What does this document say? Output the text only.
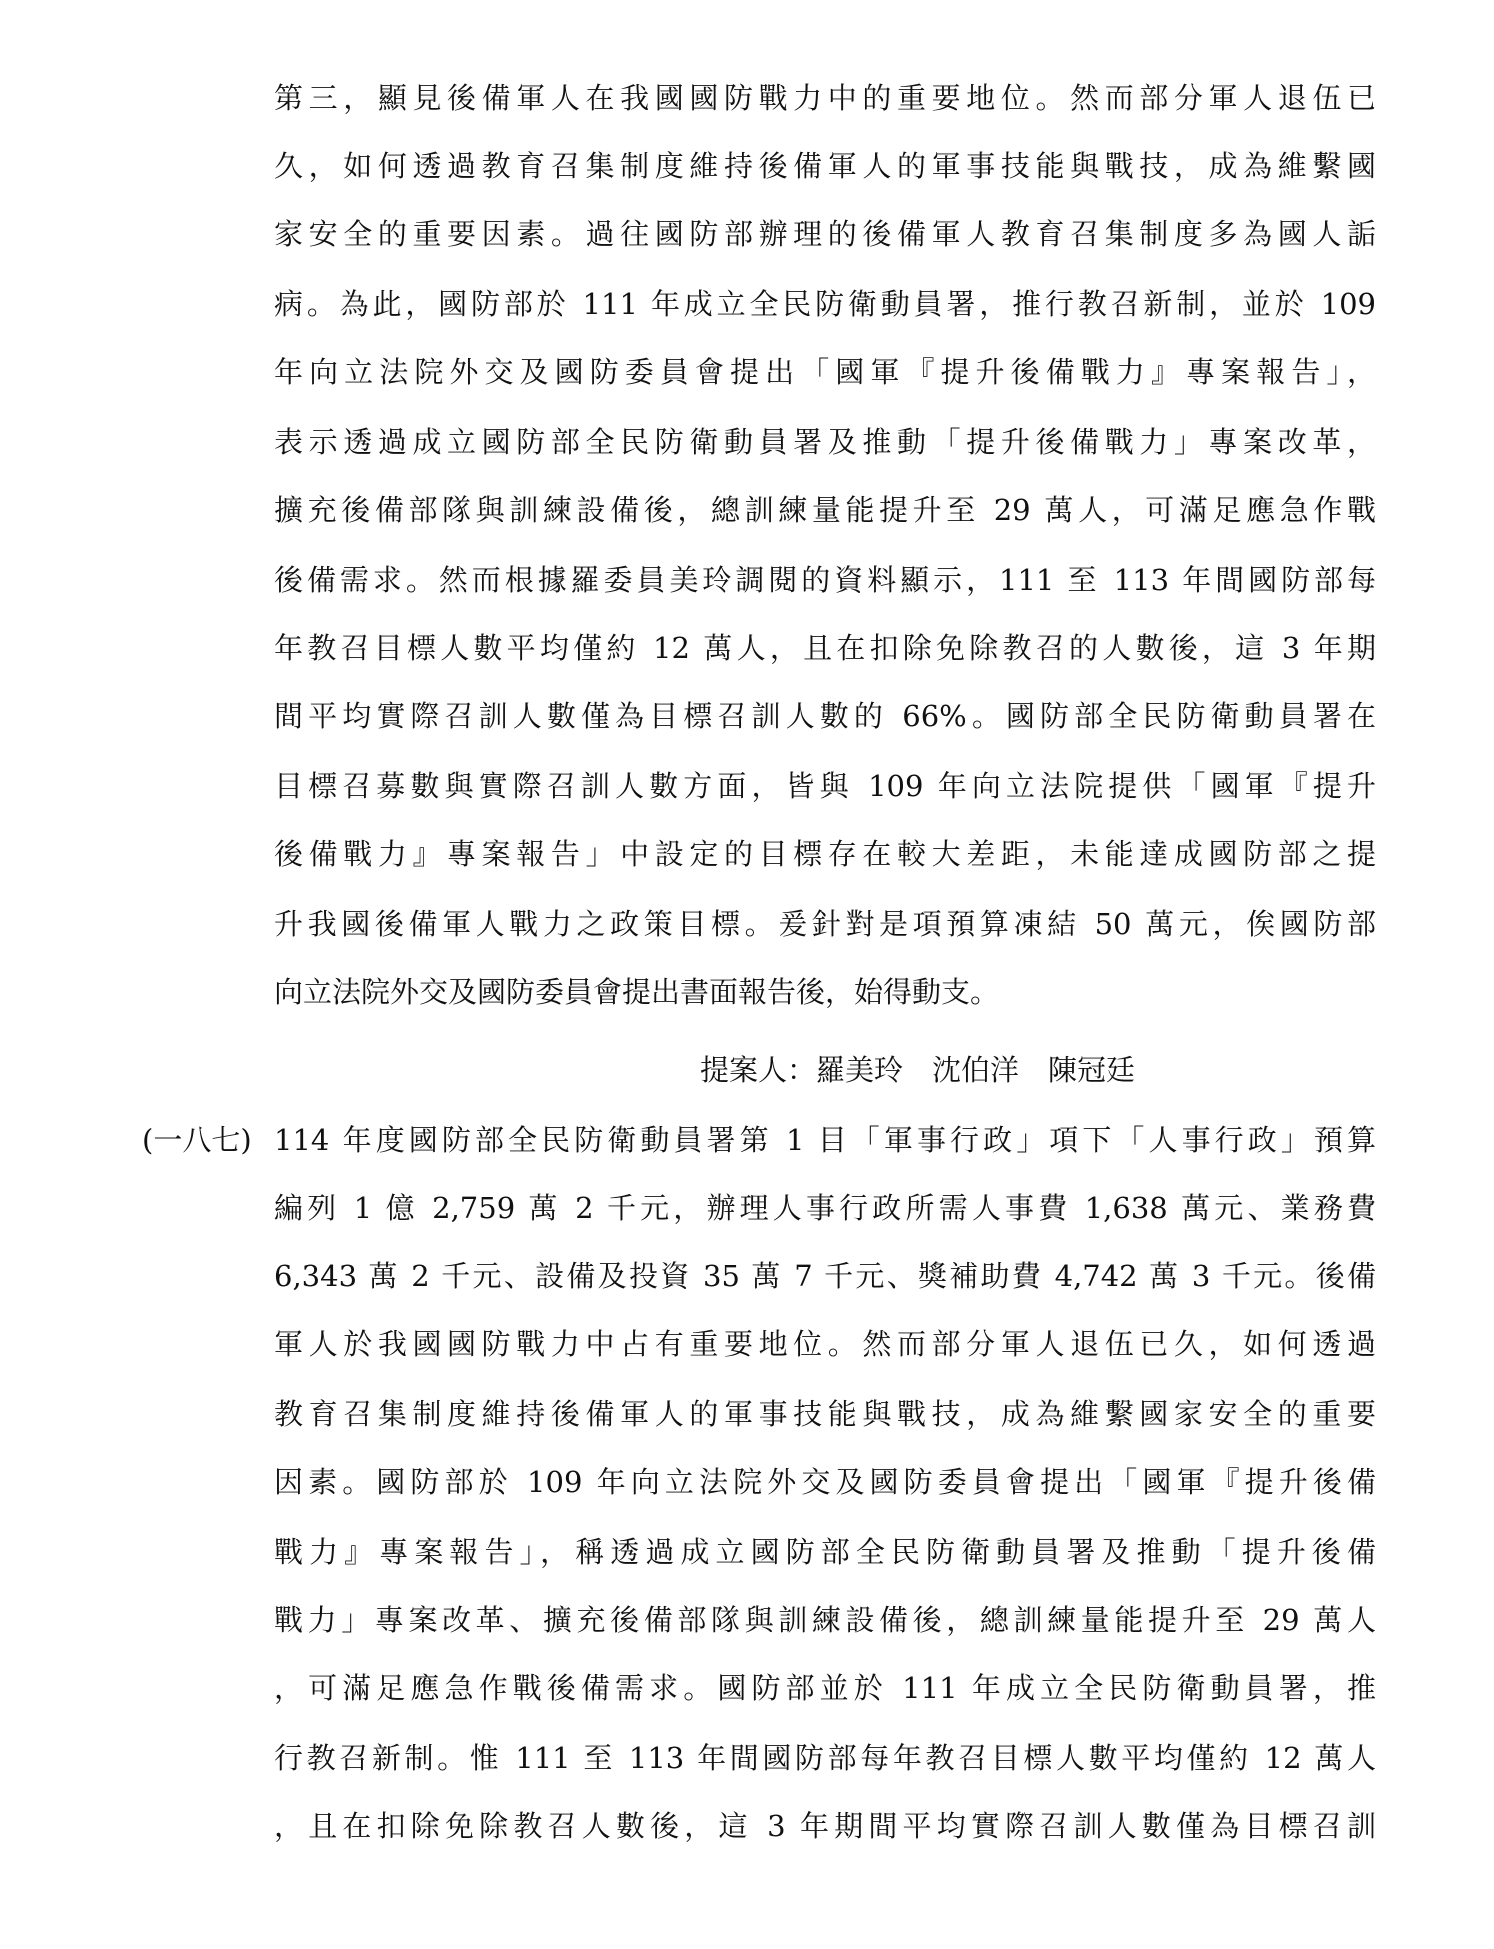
第三，顯見後備軍人在我國國防戰力中的重要地位。然而部分軍人退伍已
久，如何透過教育召集制度維持後備軍人的軍事技能與戰技，成為維繫國
家安全的重要因素。過往國防部辦理的後備軍人教育召集制度多為國人詬
病。為此，國防部於 111 年成立全民防衛動員署，推行教召新制，並於 109
年向立法院外交及國防委員會提出「國軍『提升後備戰力』專案報告」，
表示透過成立國防部全民防衛動員署及推動「提升後備戰力」專案改革，
擴充後備部隊與訓練設備後，總訓練量能提升至 29 萬人，可滿足應急作戰
後備需求。然而根據羅委員美玲調閱的資料顯示，111 至 113 年間國防部每
年教召目標人數平均僅約 12 萬人，且在扣除免除教召的人數後，這 3 年期
間平均實際召訓人數僅為目標召訓人數的 66%。國防部全民防衛動員署在
目標召募數與實際召訓人數方面，皆與 109 年向立法院提供「國軍『提升
後備戰力』專案報告」中設定的目標存在較大差距，未能達成國防部之提
升我國後備軍人戰力之政策目標。爰針對是項預算凍結 50 萬元，俟國防部
向立法院外交及國防委員會提出書面報告後，始得動支。
提案人：羅美玲　沈伯洋　陳冠廷
(一八七) 114 年度國防部全民防衛動員署第 1 目「軍事行政」項下「人事行政」預算
編列 1 億 2,759 萬 2 千元，辦理人事行政所需人事費 1,638 萬元、業務費
6,343 萬 2 千元、設備及投資 35 萬 7 千元、獎補助費 4,742 萬 3 千元。後備
軍人於我國國防戰力中占有重要地位。然而部分軍人退伍已久，如何透過
教育召集制度維持後備軍人的軍事技能與戰技，成為維繫國家安全的重要
因素。國防部於 109 年向立法院外交及國防委員會提出「國軍『提升後備
戰力』專案報告」，稱透過成立國防部全民防衛動員署及推動「提升後備
戰力」專案改革、擴充後備部隊與訓練設備後，總訓練量能提升至 29 萬人
，可滿足應急作戰後備需求。國防部並於 111 年成立全民防衛動員署，推
行教召新制。惟 111 至 113 年間國防部每年教召目標人數平均僅約 12 萬人
，且在扣除免除教召人數後，這 3 年期間平均實際召訓人數僅為目標召訓
